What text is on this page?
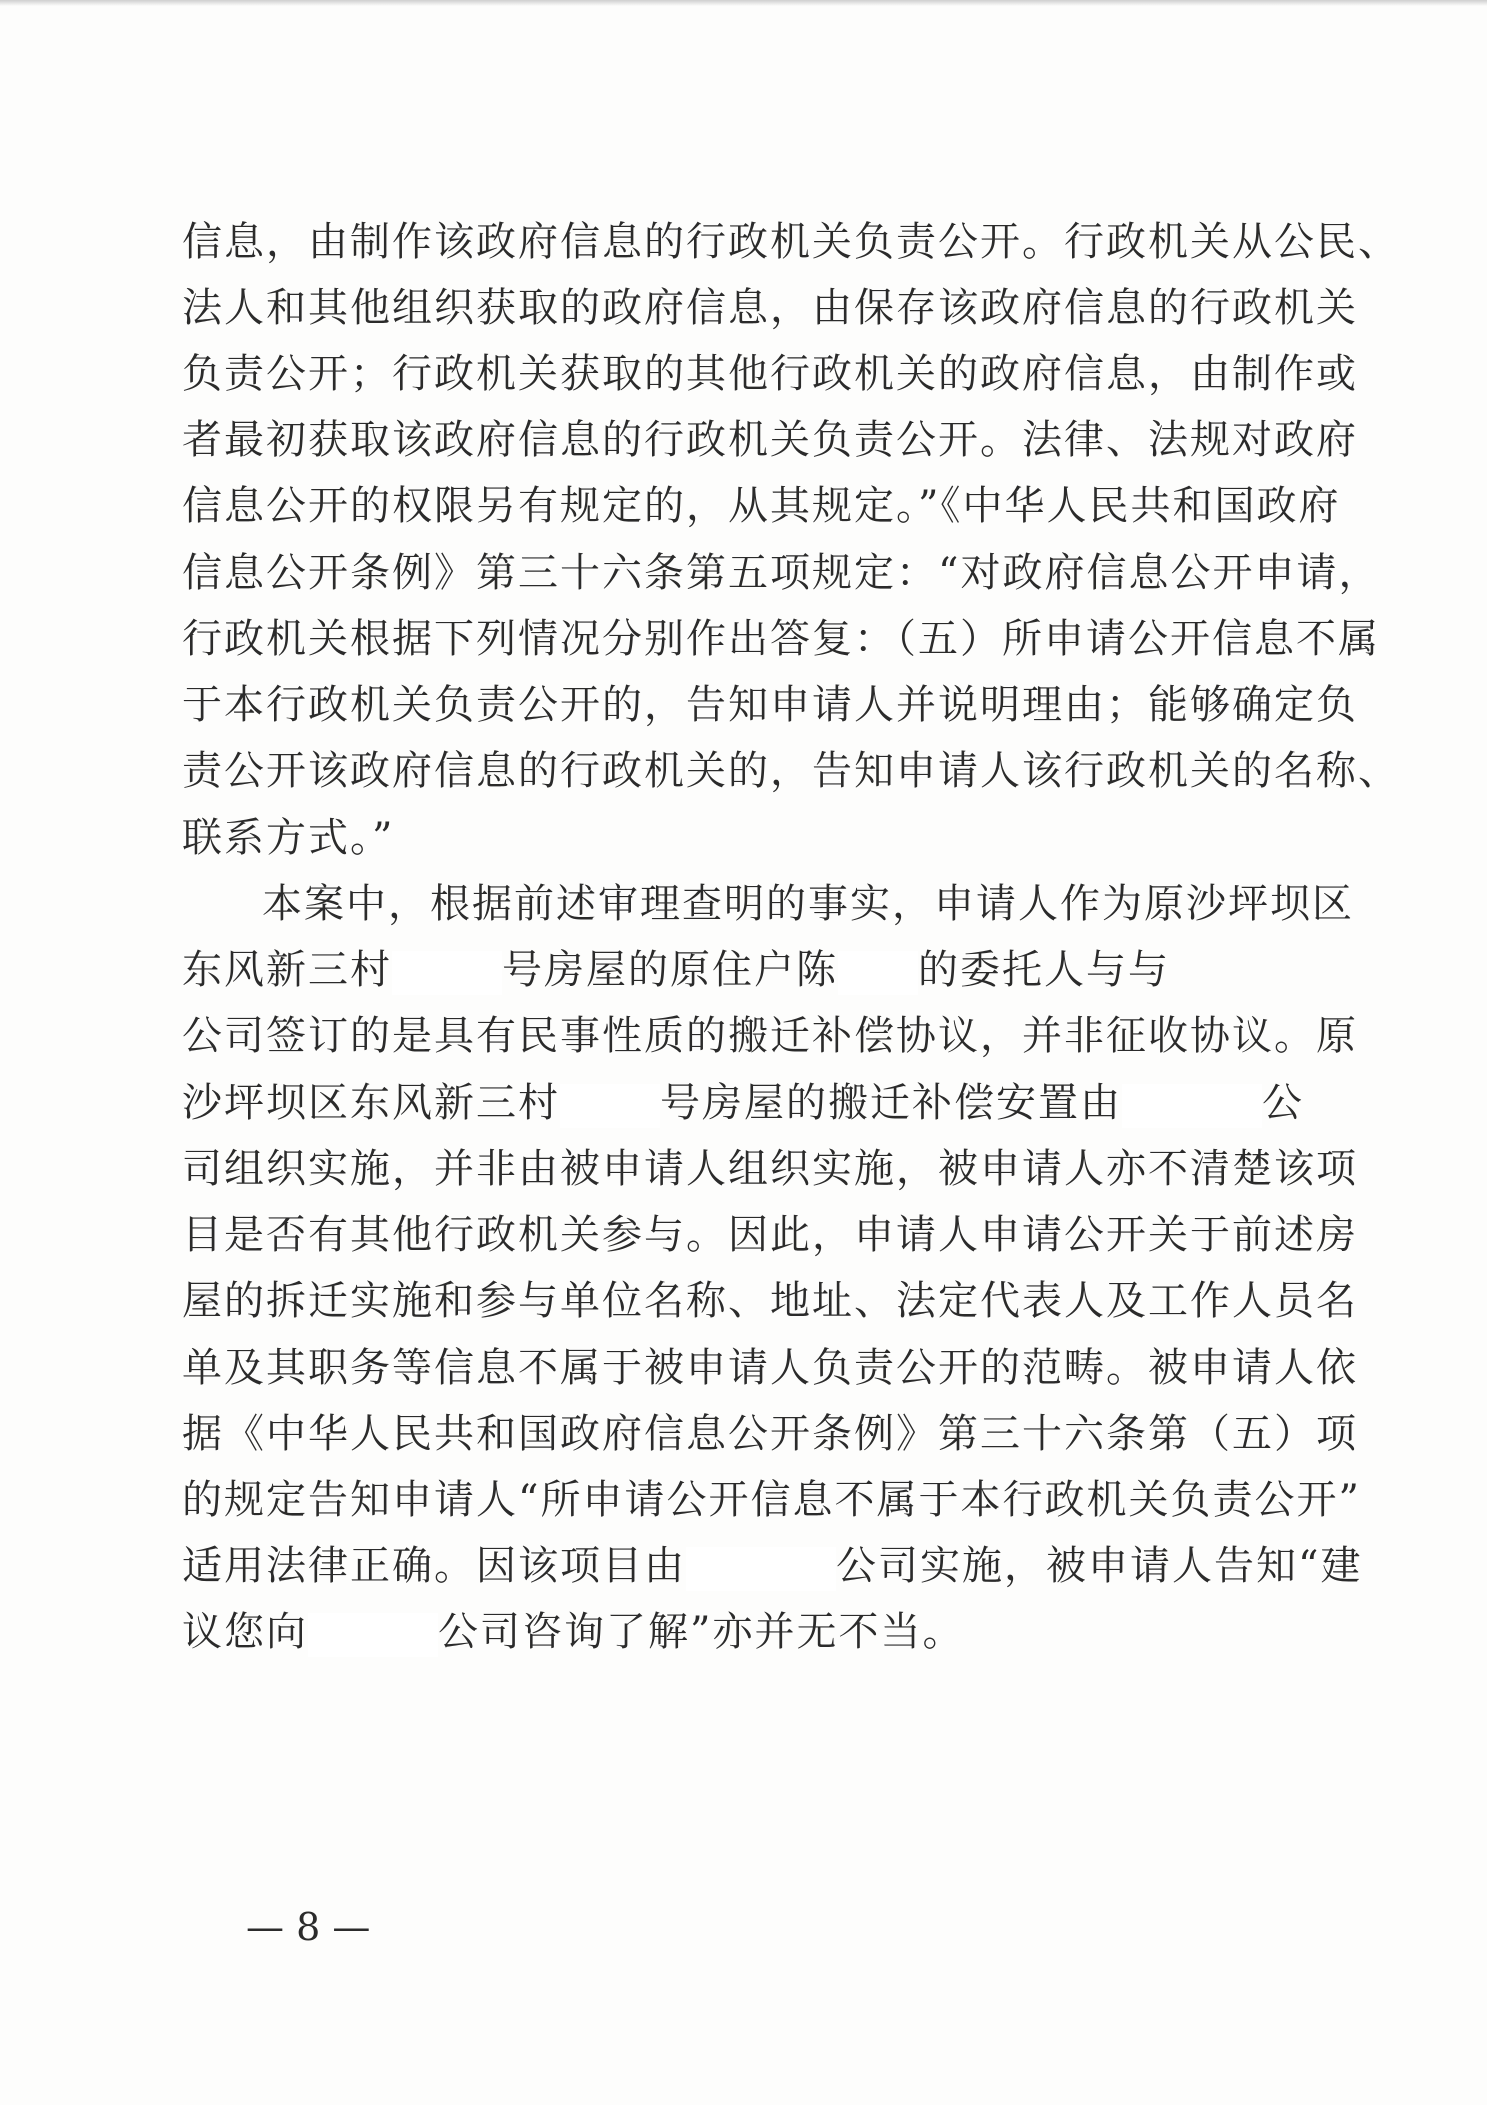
信息，由制作该政府信息的行政机关负责公开。行政机关从公民、
法人和其他组织获取的政府信息，由保存该政府信息的行政机关
负责公开；行政机关获取的其他行政机关的政府信息，由制作或
者最初获取该政府信息的行政机关负责公开。法律、法规对政府
信息公开的权限另有规定的，从其规定。”《中华人民共和国政府
信息公开条例》第三十六条第五项规定：“对政府信息公开申请，
行政机关根据下列情况分别作出答复：（五）所申请公开信息不属
于本行政机关负责公开的，告知申请人并说明理由；能够确定负
责公开该政府信息的行政机关的，告知申请人该行政机关的名称、
联系方式。”
本案中，根据前述审理查明的事实，申请人作为原沙坪坝区
东风新三村	号房屋的原住户陈 的委托人与与
公司签订的是具有民事性质的搬迁补偿协议，并非征收协议。原
沙坪坝区东风新三村	号房屋的搬迁补偿安置由	公
司组织实施，并非由被申请人组织实施，被申请人亦不清楚该项
目是否有其他行政机关参与。因此，申请人申请公开关于前述房
屋的拆迁实施和参与单位名称、地址、法定代表人及工作人员名
单及其职务等信息不属于被申请人负责公开的范畴。被申请人依
据《中华人民共和国政府信息公开条例》第三十六条第（五）项
的规定告知申请人“所申请公开信息不属于本行政机关负责公开”
适用法律正确。因该项目由	公司实施，被申请人告知“建
议您向	公司咨询了解”亦并无不当。
— 8 —
